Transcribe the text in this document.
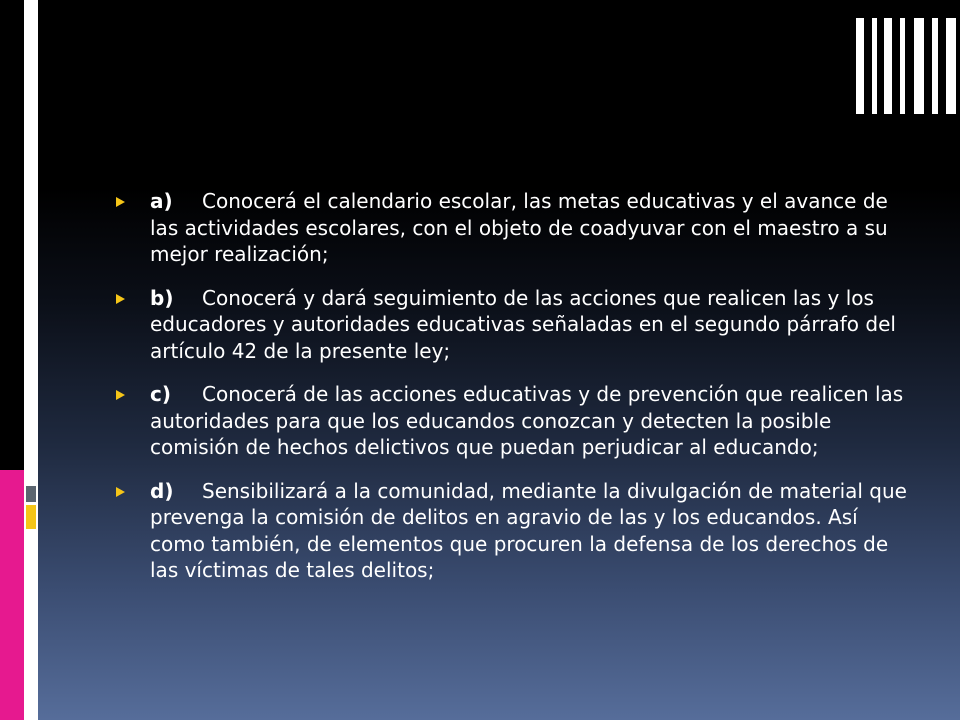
a) Conocerá el calendario escolar, las metas educativas y el avance de las actividades escolares, con el objeto de coadyuvar con el maestro a su mejor realización;
b) Conocerá y dará seguimiento de las acciones que realicen las y los educadores y autoridades educativas señaladas en el segundo párrafo del artículo 42 de la presente ley;
c) Conocerá de las acciones educativas y de prevención que realicen las autoridades para que los educandos conozcan y detecten la posible comisión de hechos delictivos que puedan perjudicar al educando;
d) Sensibilizará a la comunidad, mediante la divulgación de material que prevenga la comisión de delitos en agravio de las y los educandos. Así como también, de elementos que procuren la defensa de los derechos de las víctimas de tales delitos;
